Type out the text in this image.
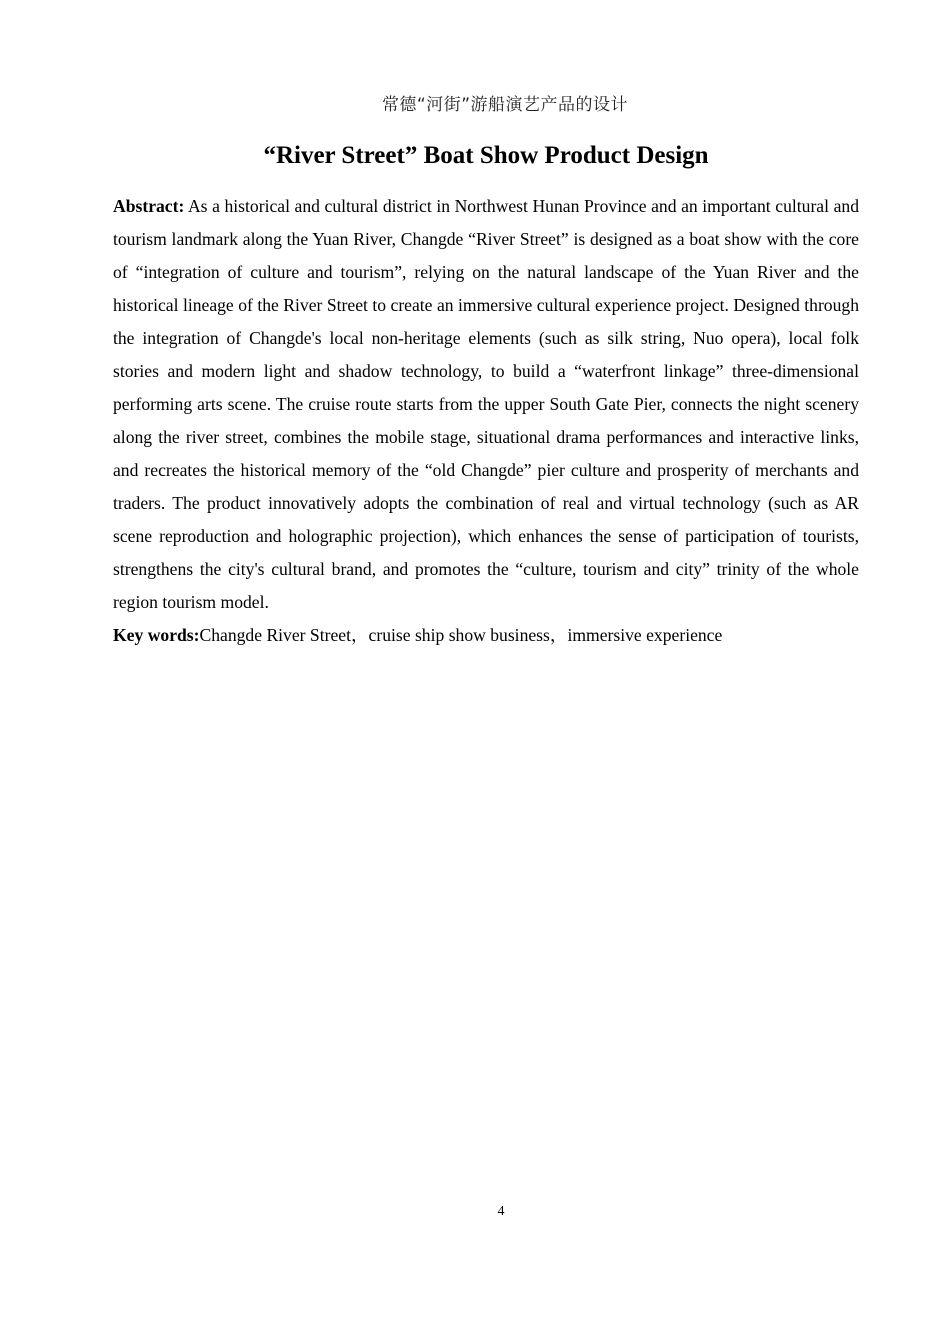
常德“河街”游船演艺产品的设计
“River Street” Boat Show Product Design

Abstract: As a historical and cultural district in Northwest Hunan Province and an important cultural and tourism landmark along the Yuan River, Changde “River Street” is designed as a boat show with the core of “integration of culture and tourism”, relying on the natural landscape of the Yuan River and the historical lineage of the River Street to create an immersive cultural experience project. Designed through the integration of Changde's local non-heritage elements (such as silk string, Nuo opera), local folk stories and modern light and shadow technology, to build a “waterfront linkage” three-dimensional performing arts scene. The cruise route starts from the upper South Gate Pier, connects the night scenery along the river street, combines the mobile stage, situational drama performances and interactive links, and recreates the historical memory of the “old Changde” pier culture and prosperity of merchants and traders. The product innovatively adopts the combination of real and virtual technology (such as AR scene reproduction and holographic projection), which enhances the sense of participation of tourists, strengthens the city's cultural brand, and promotes the “culture, tourism and city” trinity of the whole region tourism model.

Key words:Changde River Street，cruise ship show business，immersive experience

4
